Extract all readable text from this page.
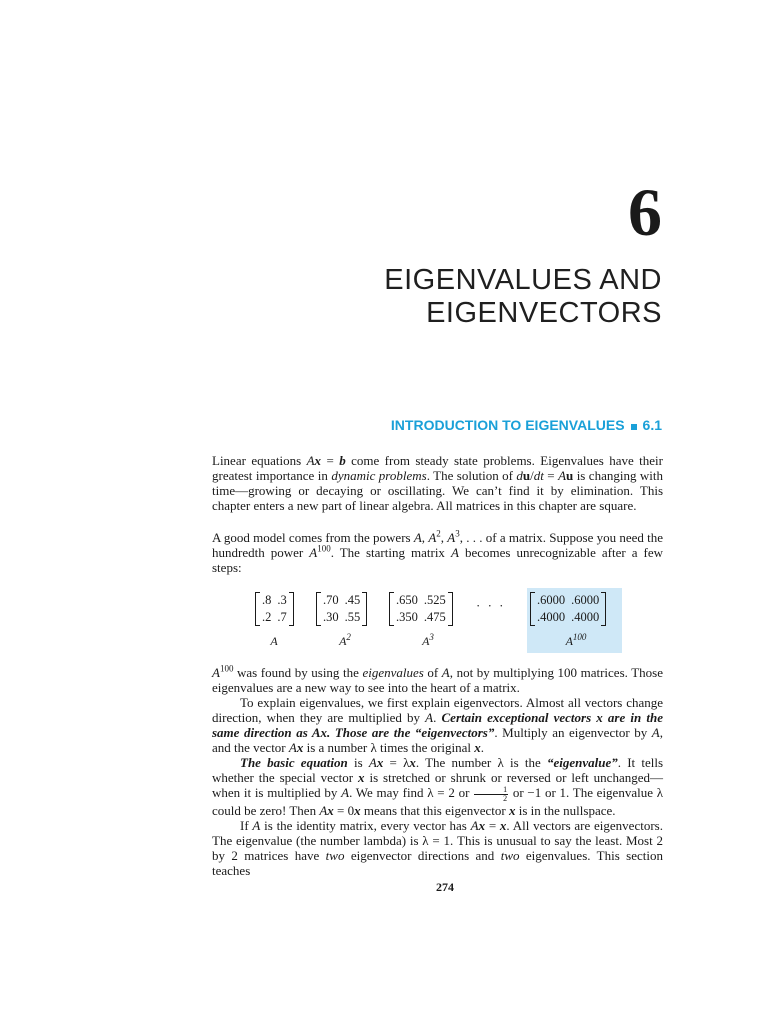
6
EIGENVALUES AND
EIGENVECTORS
INTRODUCTION TO EIGENVALUES 6.1

Linear equations Ax = b come from steady state problems. Eigenvalues have their greatest importance in dynamic problems. The solution of du/dt = Au is changing with time—growing or decaying or oscillating. We can’t find it by elimination. This chapter enters a new part of linear algebra. All matrices in this chapter are square.

A good model comes from the powers A, $A^2$, $A^3$, . . . of a matrix. Suppose you need the hundredth power $A^{100}$. The starting matrix A becomes unrecognizable after a few steps:

.8 .3
.2 .7
A
.70 .45
.30 .55
$A^2$
.650 .525
.350 .475
$A^3$
· · ·	.6000 .6000
.4000 .4000
$A^{100}$

$A^{100}$ was found by using the eigenvalues of A, not by multiplying 100 matrices. Those eigenvalues are a new way to see into the heart of a matrix.

To explain eigenvalues, we first explain eigenvectors. Almost all vectors change direction, when they are multiplied by A. Certain exceptional vectors x are in the same direction as Ax. Those are the “eigenvectors”. Multiply an eigenvector by A, and the vector Ax is a number λ times the original x.

The basic equation is Ax = λx. The number λ is the “eigenvalue”. It tells whether the special vector x is stretched or shrunk or reversed or left unchanged—when it is multiplied by A. We may find λ = 2 or $\frac{1}{2}$ or −1 or 1. The eigenvalue λ could be zero! Then Ax = 0x means that this eigenvector x is in the nullspace.

If A is the identity matrix, every vector has Ax = x. All vectors are eigenvectors. The eigenvalue (the number lambda) is λ = 1. This is unusual to say the least. Most 2 by 2 matrices have two eigenvector directions and two eigenvalues. This section teaches

274
